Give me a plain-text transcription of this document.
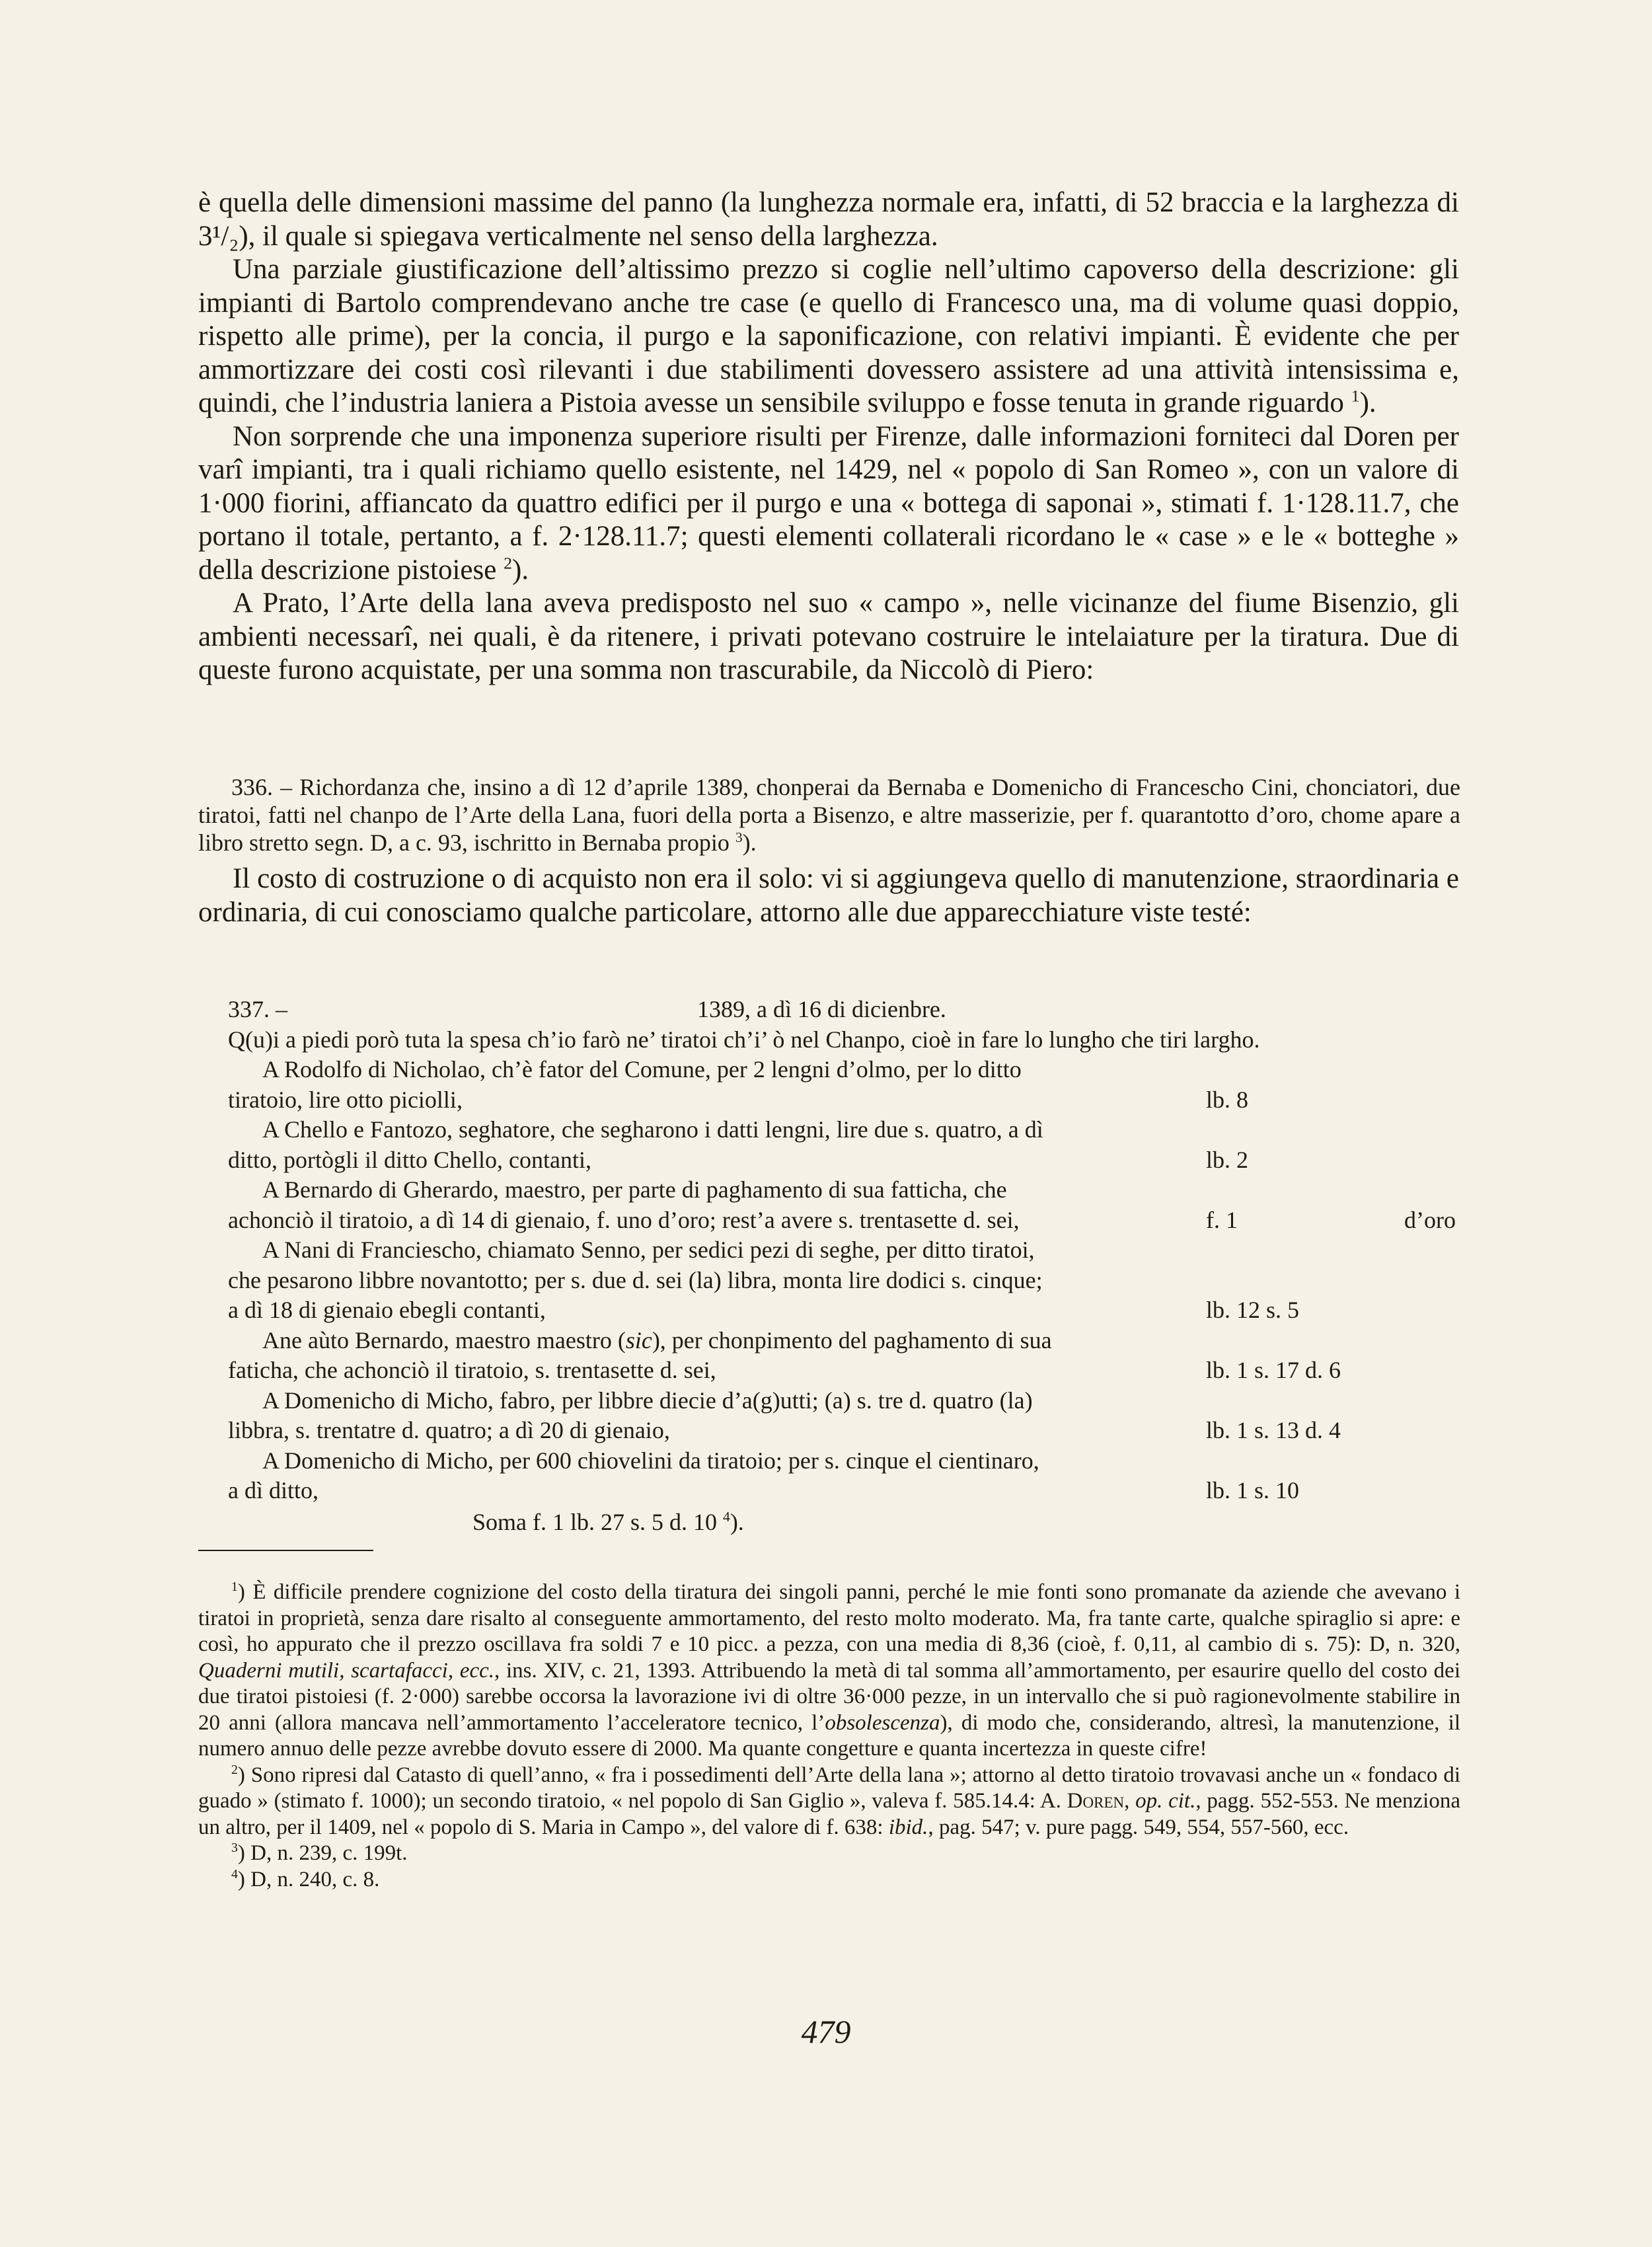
è quella delle dimensioni massime del panno (la lunghezza normale era, infatti, di 52 braccia e la larghezza di 3¹/₂), il quale si spiegava verticalmente nel senso della larghezza.

Una parziale giustificazione dell’altissimo prezzo si coglie nell’ultimo capoverso della descrizione: gli impianti di Bartolo comprendevano anche tre case (e quello di Francesco una, ma di volume quasi doppio, rispetto alle prime), per la concia, il purgo e la saponificazione, con relativi impianti. È evidente che per ammortizzare dei costi così rilevanti i due stabilimenti dovessero assistere ad una attività intensissima e, quindi, che l’industria laniera a Pistoia avesse un sensibile sviluppo e fosse tenuta in grande riguardo $^1$).

Non sorprende che una imponenza superiore risulti per Firenze, dalle informazioni forniteci dal Doren per varî impianti, tra i quali richiamo quello esistente, nel 1429, nel « popolo di San Romeo », con un valore di 1·000 fiorini, affiancato da quattro edifici per il purgo e una « bottega di saponai », stimati f. 1·128.11.7, che portano il totale, pertanto, a f. 2·128.11.7; questi elementi collaterali ricordano le « case » e le « botteghe » della descrizione pistoiese $^2$).

A Prato, l’Arte della lana aveva predisposto nel suo « campo », nelle vicinanze del fiume Bisenzio, gli ambienti necessarî, nei quali, è da ritenere, i privati potevano costruire le intelaiature per la tiratura. Due di queste furono acquistate, per una somma non trascurabile, da Niccolò di Piero:

336. – Richordanza che, insino a dì 12 d’aprile 1389, chonperai da Bernaba e Domenicho di Francescho Cini, chonciatori, due tiratoi, fatti nel chanpo de l’Arte della Lana, fuori della porta a Bisenzo, e altre masserizie, per f. quarantotto d’oro, chome apare a libro stretto segn. D, a c. 93, ischritto in Bernaba propio $^3$).

Il costo di costruzione o di acquisto non era il solo: vi si aggiungeva quello di manutenzione, straordinaria e ordinaria, di cui conosciamo qualche particolare, attorno alle due apparecchiature viste testé:

337. –	1389, a dì 16 di dicienbre.
Q(u)i a piedi porò tuta la spesa ch’io farò ne’ tiratoi ch’i’ ò nel Chanpo, cioè in fare lo lungho che tiri largho.
A Rodolfo di Nicholao, ch’è fator del Comune, per 2 lengni d’olmo, per lo ditto
tiratoio, lire otto piciolli,	lb. 8
A Chello e Fantozo, seghatore, che segharono i datti lengni, lire due s. quatro, a dì
ditto, portògli il ditto Chello, contanti,	lb. 2
A Bernardo di Gherardo, maestro, per parte di paghamento di sua fatticha, che
achonciò il tiratoio, a dì 14 di gienaio, f. uno d’oro; rest’a avere s. trentasette d. sei,	f. 1	d’oro
A Nani di Franciescho, chiamato Senno, per sedici pezi di seghe, per ditto tiratoi,
che pesarono libbre novantotto; per s. due d. sei (la) libra, monta lire dodici s. cinque;
a dì 18 di gienaio ebegli contanti,	lb. 12 s. 5
Ane aùto Bernardo, maestro maestro (sic), per chonpimento del paghamento di sua
faticha, che achonciò il tiratoio, s. trentasette d. sei,	lb. 1 s. 17 d. 6
A Domenicho di Micho, fabro, per libbre diecie d’a(g)utti; (a) s. tre d. quatro (la)
libbra, s. trentatre d. quatro; a dì 20 di gienaio,	lb. 1 s. 13 d. 4
A Domenicho di Micho, per 600 chiovelini da tiratoio; per s. cinque el cientinaro,
a dì ditto,	lb. 1 s. 10
Soma f. 1 lb. 27 s. 5 d. 10 $^4$).

$^1$) È difficile prendere cognizione del costo della tiratura dei singoli panni, perché le mie fonti sono promanate da aziende che avevano i tiratoi in proprietà, senza dare risalto al conseguente ammortamento, del resto molto moderato. Ma, fra tante carte, qualche spiraglio si apre: e così, ho appurato che il prezzo oscillava fra soldi 7 e 10 picc. a pezza, con una media di 8,36 (cioè, f. 0,11, al cambio di s. 75): D, n. 320, Quaderni mutili, scartafacci, ecc., ins. XIV, c. 21, 1393. Attribuendo la metà di tal somma all’ammortamento, per esaurire quello del costo dei due tiratoi pistoiesi (f. 2·000) sarebbe occorsa la lavorazione ivi di oltre 36·000 pezze, in un intervallo che si può ragionevolmente stabilire in 20 anni (allora mancava nell’ammortamento l’acceleratore tecnico, l’obsolescenza), di modo che, considerando, altresì, la manutenzione, il numero annuo delle pezze avrebbe dovuto essere di 2000. Ma quante congetture e quanta incertezza in queste cifre!

$^2$) Sono ripresi dal Catasto di quell’anno, « fra i possedimenti dell’Arte della lana »; attorno al detto tiratoio trovavasi anche un « fondaco di guado » (stimato f. 1000); un secondo tiratoio, « nel popolo di San Giglio », valeva f. 585.14.4: A. Doren, op. cit., pagg. 552-553. Ne menziona un altro, per il 1409, nel « popolo di S. Maria in Campo », del valore di f. 638: ibid., pag. 547; v. pure pagg. 549, 554, 557-560, ecc.

$^3$) D, n. 239, c. 199t.

$^4$) D, n. 240, c. 8.

479
